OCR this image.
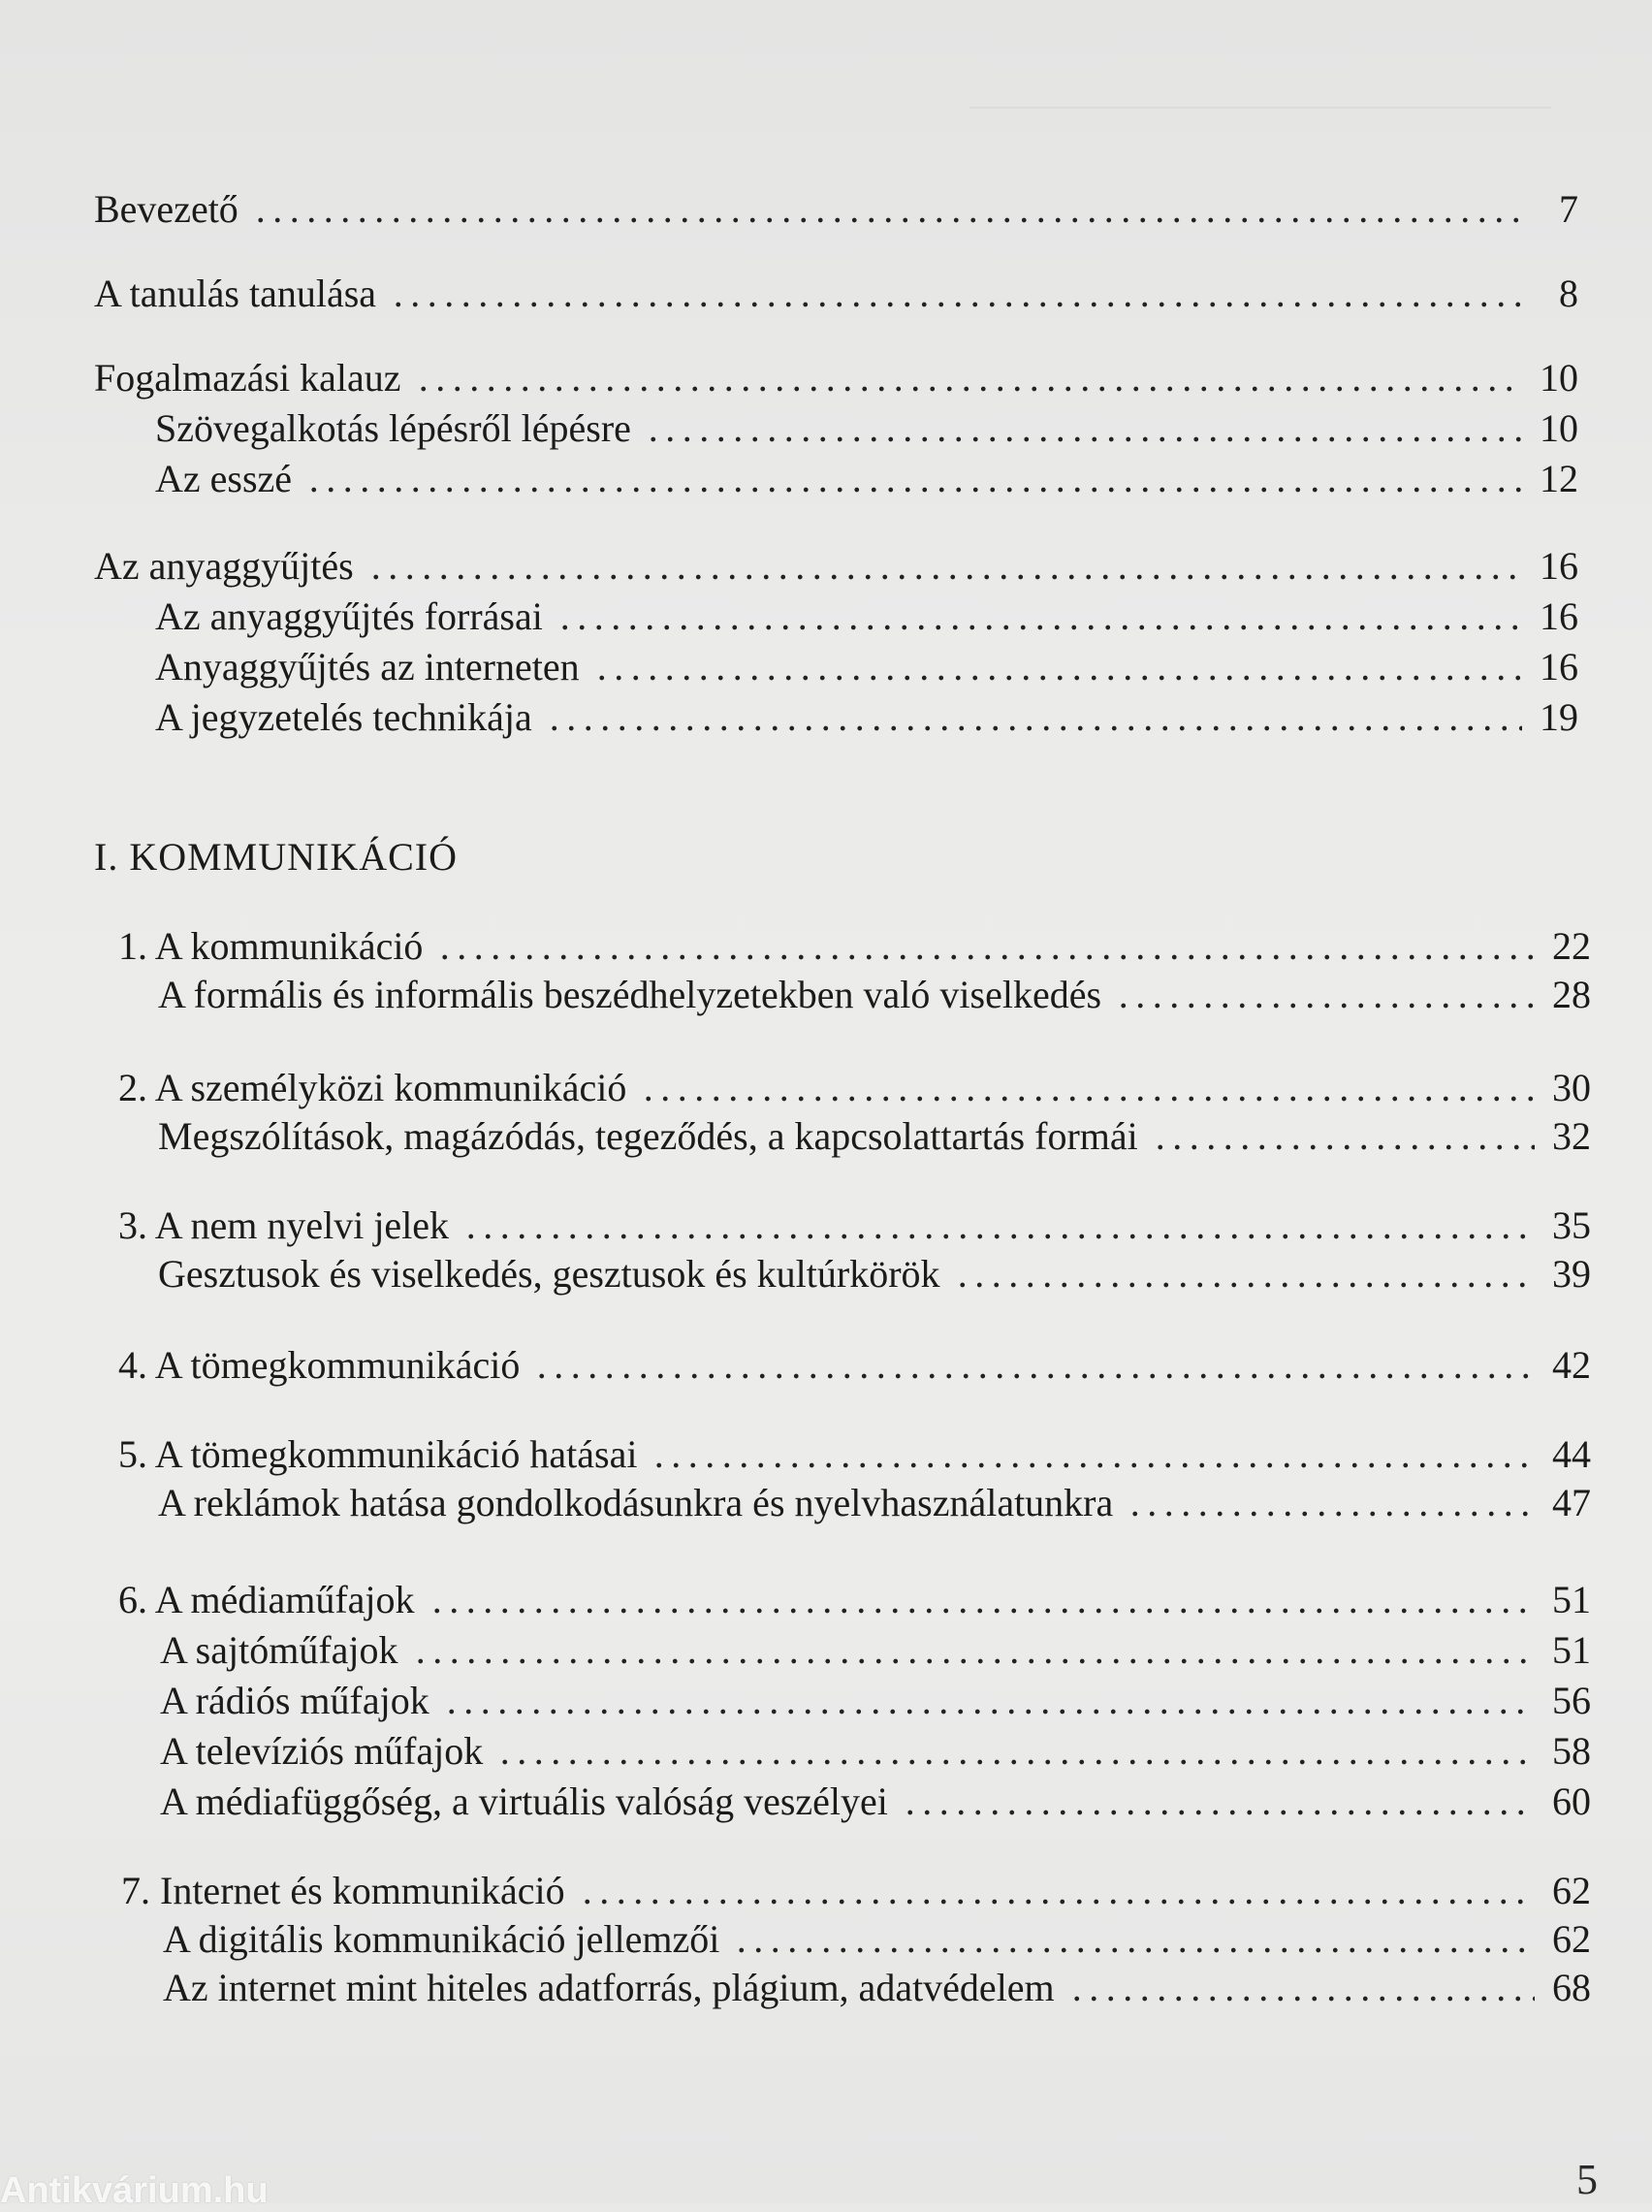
Bevezető	7
A tanulás tanulása	8
Fogalmazási kalauz	10
Szövegalkotás lépésről lépésre	10
Az esszé	12
Az anyaggyűjtés	16
Az anyaggyűjtés forrásai	16
Anyaggyűjtés az interneten	16
A jegyzetelés technikája	19
I. KOMMUNIKÁCIÓ
1. A kommunikáció	22
A formális és informális beszédhelyzetekben való viselkedés	28
2. A személyközi kommunikáció	30
Megszólítások, magázódás, tegeződés, a kapcsolattartás formái	32
3. A nem nyelvi jelek	35
Gesztusok és viselkedés, gesztusok és kultúrkörök	39
4. A tömegkommunikáció	42
5. A tömegkommunikáció hatásai	44
A reklámok hatása gondolkodásunkra és nyelvhasználatunkra	47
6. A médiaműfajok	51
A sajtóműfajok	51
A rádiós műfajok	56
A televíziós műfajok	58
A médiafüggőség, a virtuális valóság veszélyei	60
7. Internet és kommunikáció	62
A digitális kommunikáció jellemzői	62
Az internet mint hiteles adatforrás, plágium, adatvédelem	68
5
Antikvárium.hu
